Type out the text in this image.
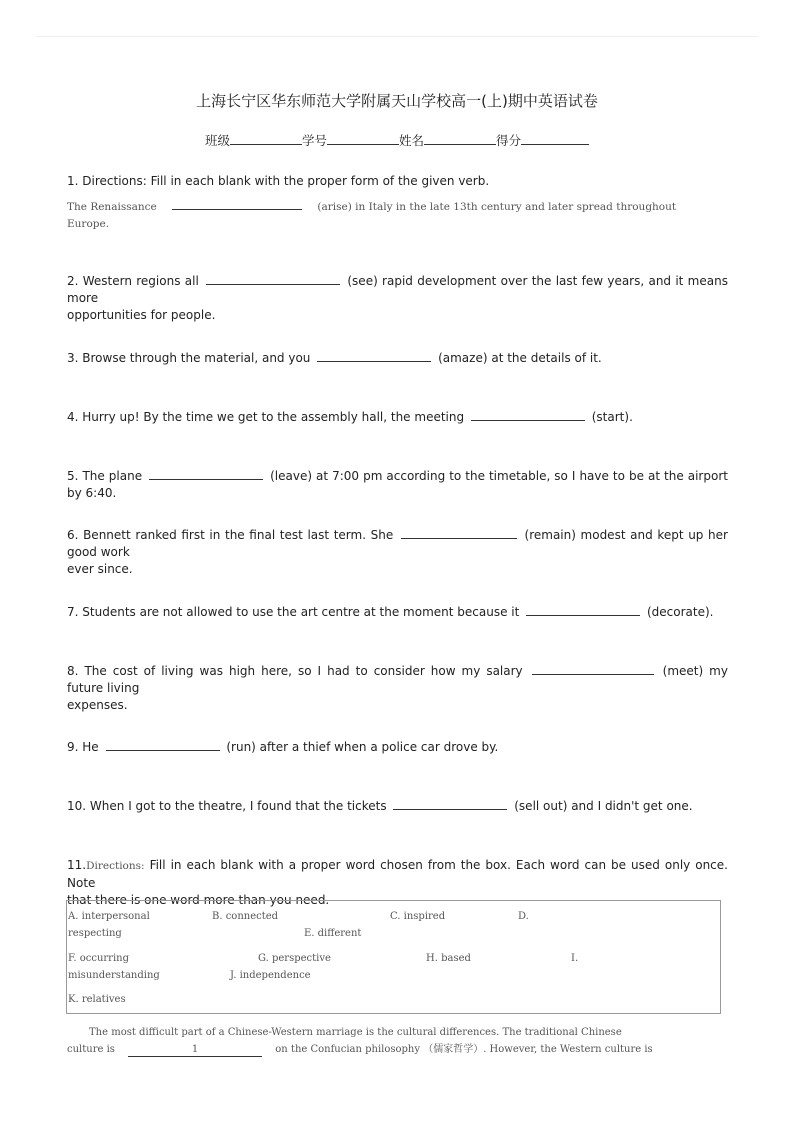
上海长宁区华东师范大学附属天山学校高一(上)期中英语试卷
班级	学号	姓名	得分
1. Directions: Fill in each blank with the proper form of the given verb.
The Renaissance	(arise) in Italy in the late 13th century and later spread throughout
Europe.
2. Western regions all	(see) rapid development over the last few years, and it means more
opportunities for people.
3. Browse through the material, and you	(amaze) at the details of it.
4. Hurry up! By the time we get to the assembly hall, the meeting	(start).
5. The plane	(leave) at 7:00 pm according to the timetable, so I have to be at the airport by 6:40.
6. Bennett ranked first in the final test last term. She	(remain) modest and kept up her good work
ever since.
7. Students are not allowed to use the art centre at the moment because it	(decorate).
8. The cost of living was high here, so I had to consider how my salary	(meet) my future living
expenses.
9. He	(run) after a thief when a police car drove by.
10. When I got to the theatre, I found that the tickets	(sell out) and I didn't get one.
11.Directions: Fill in each blank with a proper word chosen from the box. Each word can be used only once. Note
that there is one word more than you need.
A. interpersonal	B. connected	C. inspired	D.
respecting	E. different
F. occurring	G. perspective	H. based	I.
misunderstanding	J. independence
K. relatives
The most difficult part of a Chinese-Western marriage is the cultural differences. The traditional Chinese
culture is	1	on the Confucian philosophy （儒家哲学）. However, the Western culture is
